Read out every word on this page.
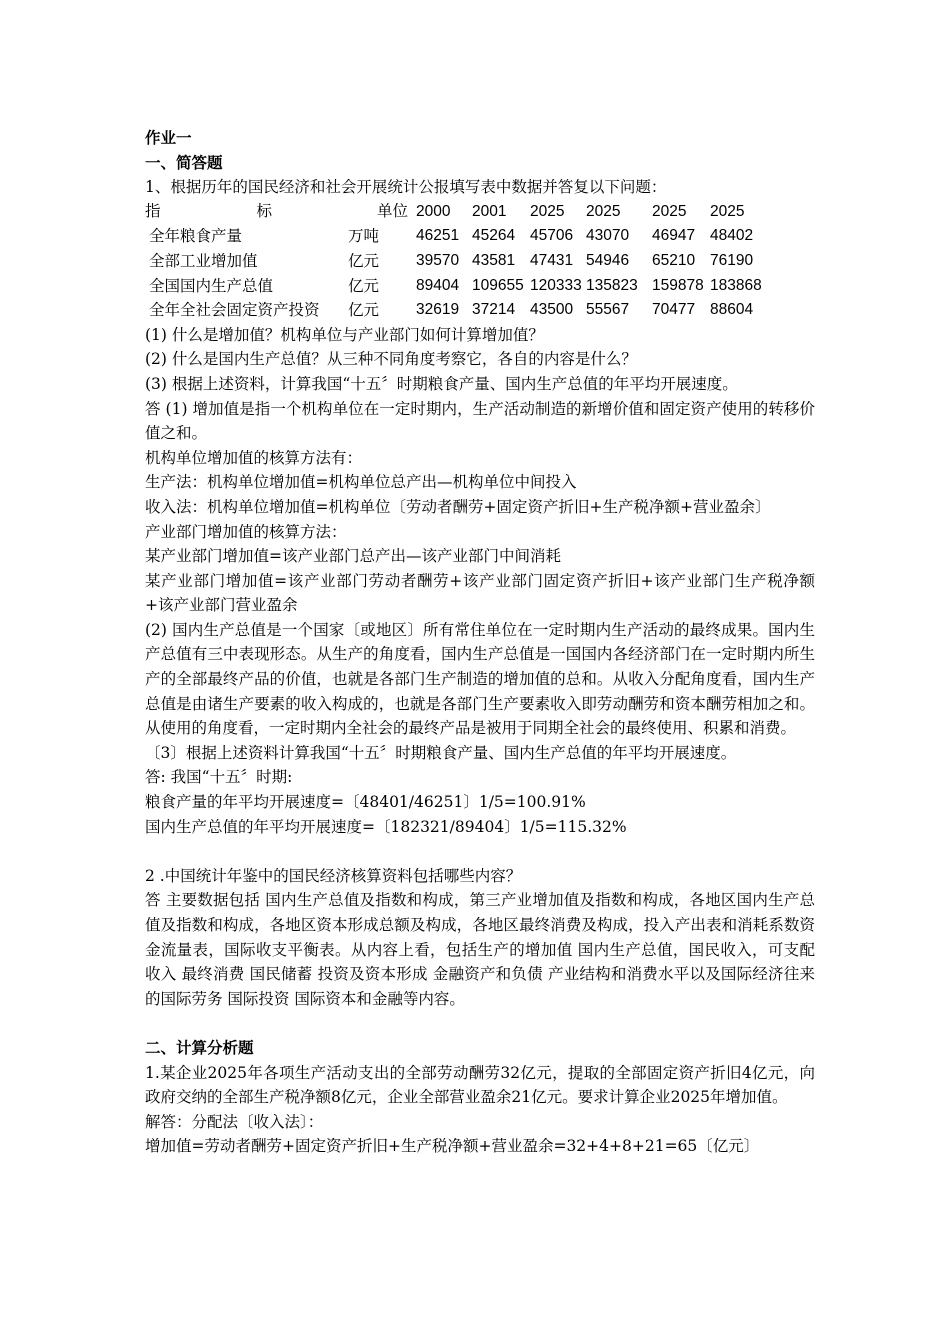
作业一
一、简答题
1、根据历年的国民经济和社会开展统计公报填写表中数据并答复以下问题：
指 标	单位	2000	2001	2025	2025	2025	2025
全年粮食产量	万吨	46251	45264	45706	43070	46947	48402
全部工业增加值	亿元	39570	43581	47431	54946	65210	76190
全国国内生产总值	亿元	89404	109655	120333	135823	159878	183868
全年全社会固定资产投资	亿元	32619	37214	43500	55567	70477	88604
(1) 什么是增加值？机构单位与产业部门如何计算增加值？
(2) 什么是国内生产总值？从三种不同角度考察它，各自的内容是什么？
(3) 根据上述资料，计算我国“十五〞时期粮食产量、国内生产总值的年平均开展速度。
答 (1) 增加值是指一个机构单位在一定时期内，生产活动制造的新增价值和固定资产使用的转移价值之和。
机构单位增加值的核算方法有：
生产法：机构单位增加值=机构单位总产出—机构单位中间投入
收入法：机构单位增加值=机构单位〔劳动者酬劳+固定资产折旧+生产税净额+营业盈余〕
产业部门增加值的核算方法：
某产业部门增加值=该产业部门总产出—该产业部门中间消耗
某产业部门增加值=该产业部门劳动者酬劳+该产业部门固定资产折旧+该产业部门生产税净额+该产业部门营业盈余
(2) 国内生产总值是一个国家〔或地区〕所有常住单位在一定时期内生产活动的最终成果。国内生产总值有三中表现形态。从生产的角度看，国内生产总值是一国国内各经济部门在一定时期内所生产的全部最终产品的价值，也就是各部门生产制造的增加值的总和。从收入分配角度看，国内生产总值是由诸生产要素的收入构成的，也就是各部门生产要素收入即劳动酬劳和资本酬劳相加之和。从使用的角度看，一定时期内全社会的最终产品是被用于同期全社会的最终使用、积累和消费。
〔3〕根据上述资料计算我国“十五〞时期粮食产量、国内生产总值的年平均开展速度。
答: 我国“十五〞时期:
粮食产量的年平均开展速度=〔48401/46251〕1/5=100.91%
国内生产总值的年平均开展速度=〔182321/89404〕1/5=115.32%
2 .中国统计年鉴中的国民经济核算资料包括哪些内容？
答 主要数据包括 国内生产总值及指数和构成，第三产业增加值及指数和构成，各地区国内生产总值及指数和构成，各地区资本形成总额及构成，各地区最终消费及构成，投入产出表和消耗系数资金流量表，国际收支平衡表。从内容上看，包括生产的增加值 国内生产总值，国民收入，可支配收入 最终消费 国民储蓄 投资及资本形成 金融资产和负债 产业结构和消费水平以及国际经济往来的国际劳务 国际投资 国际资本和金融等内容。
二、计算分析题
1.某企业2025年各项生产活动支出的全部劳动酬劳32亿元，提取的全部固定资产折旧4亿元，向政府交纳的全部生产税净额8亿元，企业全部营业盈余21亿元。要求计算企业2025年增加值。
解答：分配法〔收入法〕：
增加值=劳动者酬劳+固定资产折旧+生产税净额+营业盈余=32+4+8+21=65〔亿元〕
